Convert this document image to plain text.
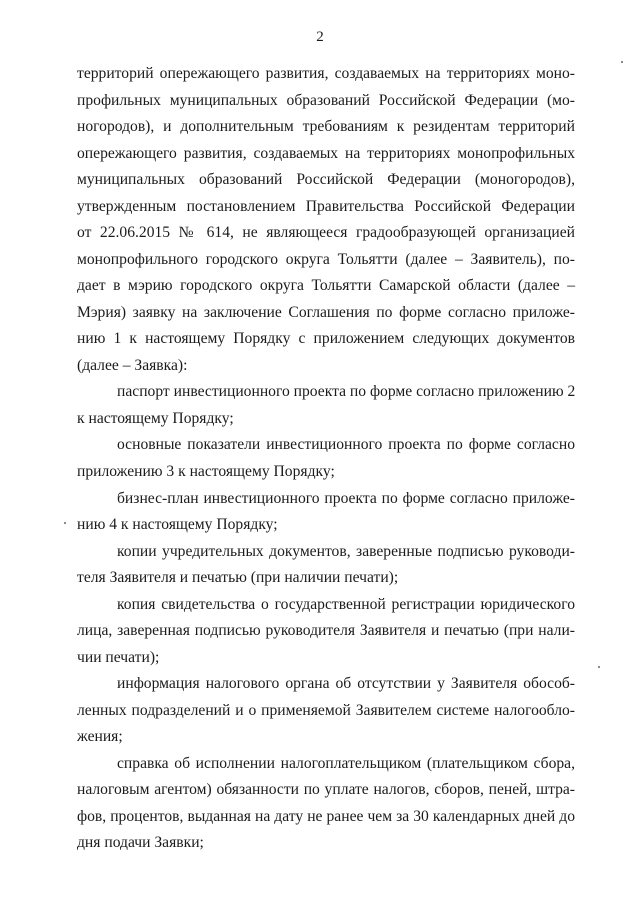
2
территорий опережающего развития, создаваемых на территориях моно-
профильных муниципальных образований Российской Федерации (мо-
ногородов), и дополнительным требованиям к резидентам территорий
опережающего развития, создаваемых на территориях монопрофильных
муниципальных образований Российской Федерации (моногородов),
утвержденным постановлением Правительства Российской Федерации
от 22.06.2015 № 614, не являющееся градообразующей организацией
монопрофильного городского округа Тольятти (далее – Заявитель), по-
дает в мэрию городского округа Тольятти Самарской области (далее –
Мэрия) заявку на заключение Соглашения по форме согласно приложе-
нию 1 к настоящему Порядку с приложением следующих документов
(далее – Заявка):
паспорт инвестиционного проекта по форме согласно приложению 2
к настоящему Порядку;
основные показатели инвестиционного проекта по форме согласно
приложению 3 к настоящему Порядку;
бизнес-план инвестиционного проекта по форме согласно приложе-
нию 4 к настоящему Порядку;
копии учредительных документов, заверенные подписью руководи-
теля Заявителя и печатью (при наличии печати);
копия свидетельства о государственной регистрации юридического
лица, заверенная подписью руководителя Заявителя и печатью (при нали-
чии печати);
информация налогового органа об отсутствии у Заявителя обособ-
ленных подразделений и о применяемой Заявителем системе налогообло-
жения;
справка об исполнении налогоплательщиком (плательщиком сбора,
налоговым агентом) обязанности по уплате налогов, сборов, пеней, штра-
фов, процентов, выданная на дату не ранее чем за 30 календарных дней до
дня подачи Заявки;
